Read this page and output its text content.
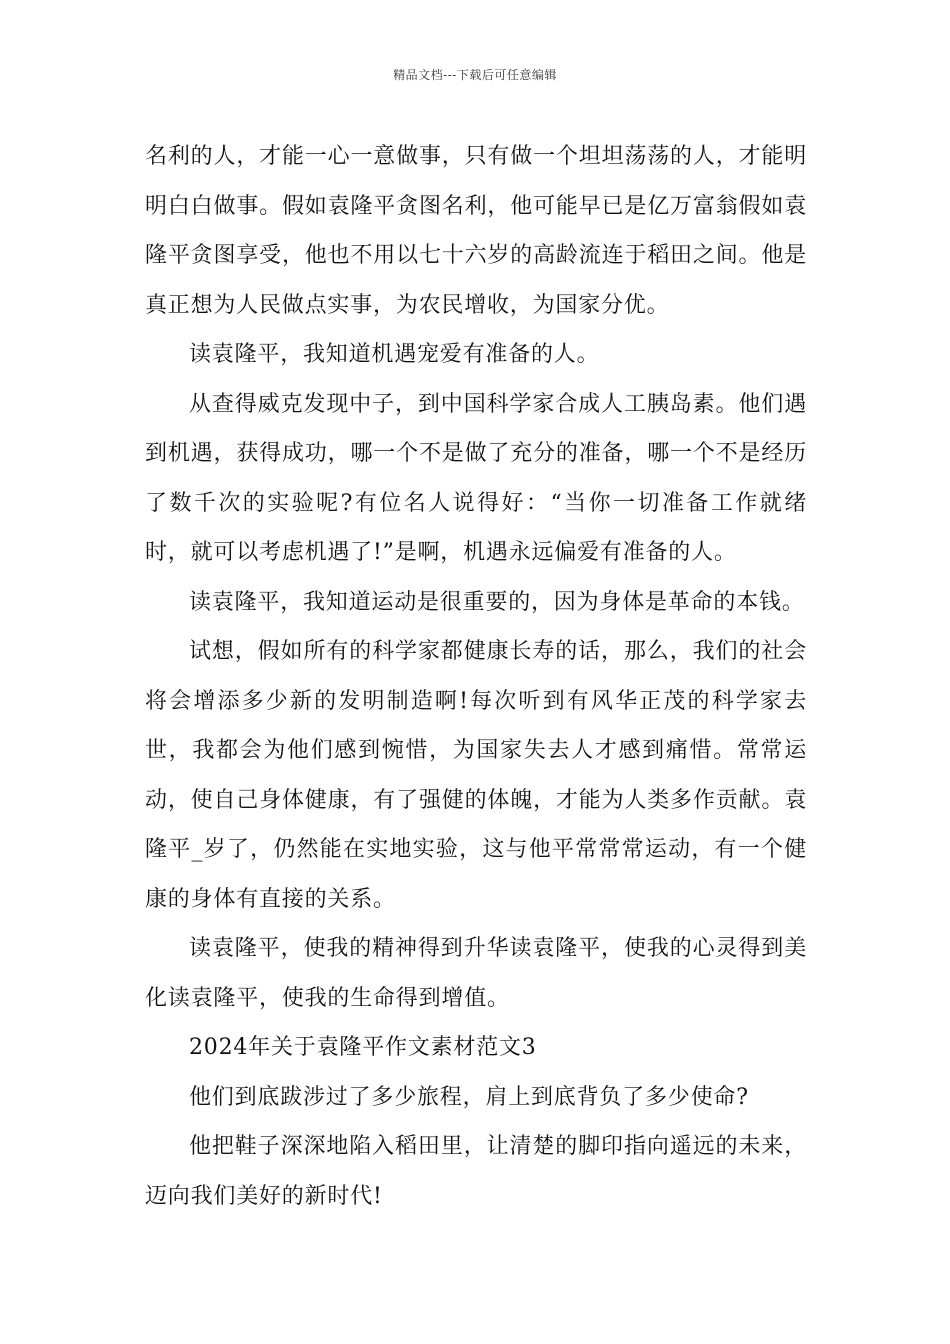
精品文档---下载后可任意编辑

名利的人，才能一心一意做事，只有做一个坦坦荡荡的人，才能明明白白做事。假如袁隆平贪图名利，他可能早已是亿万富翁假如袁隆平贪图享受，他也不用以七十六岁的高龄流连于稻田之间。他是真正想为人民做点实事，为农民增收，为国家分优。

读袁隆平，我知道机遇宠爱有准备的人。

从查得威克发现中子，到中国科学家合成人工胰岛素。他们遇到机遇，获得成功，哪一个不是做了充分的准备，哪一个不是经历了数千次的实验呢?有位名人说得好：“当你一切准备工作就绪时，就可以考虑机遇了!”是啊，机遇永远偏爱有准备的人。

读袁隆平，我知道运动是很重要的，因为身体是革命的本钱。

试想，假如所有的科学家都健康长寿的话，那么，我们的社会将会增添多少新的发明制造啊!每次听到有风华正茂的科学家去世，我都会为他们感到惋惜，为国家失去人才感到痛惜。常常运动，使自己身体健康，有了强健的体魄，才能为人类多作贡献。袁隆平_岁了，仍然能在实地实验，这与他平常常常运动，有一个健康的身体有直接的关系。

读袁隆平，使我的精神得到升华读袁隆平，使我的心灵得到美化读袁隆平，使我的生命得到增值。

2024年关于袁隆平作文素材范文3

他们到底跋涉过了多少旅程，肩上到底背负了多少使命?

他把鞋子深深地陷入稻田里，让清楚的脚印指向遥远的未来，迈向我们美好的新时代!
